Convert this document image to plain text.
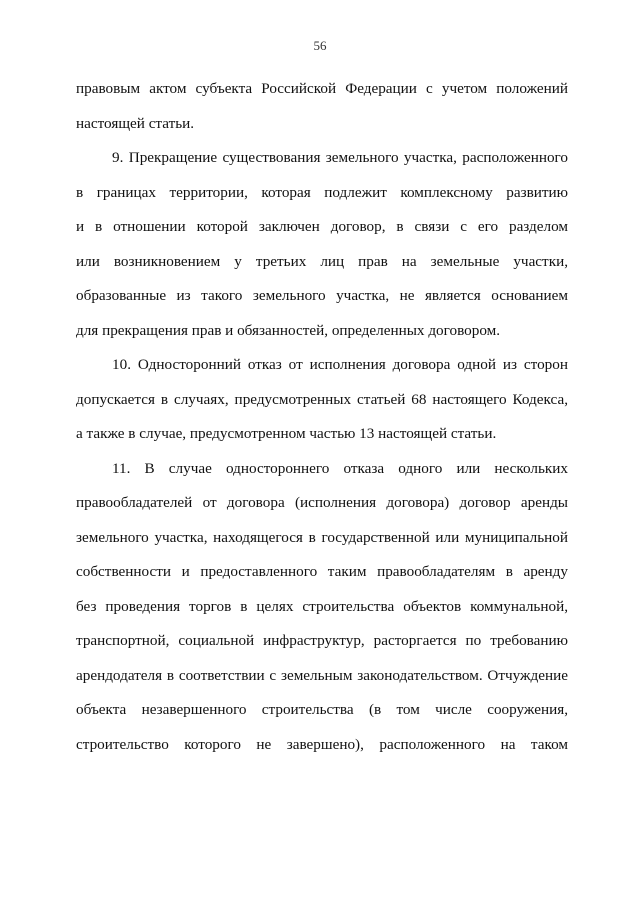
56
правовым актом субъекта Российской Федерации с учетом положений
настоящей статьи.
9. Прекращение существования земельного участка, расположенного
в границах территории, которая подлежит комплексному развитию
и в отношении которой заключен договор, в связи с его разделом
или возникновением у третьих лиц прав на земельные участки,
образованные из такого земельного участка, не является основанием
для прекращения прав и обязанностей, определенных договором.
10. Односторонний отказ от исполнения договора одной из сторон
допускается в случаях, предусмотренных статьей 68 настоящего Кодекса,
а также в случае, предусмотренном частью 13 настоящей статьи.
11. В случае одностороннего отказа одного или нескольких
правообладателей от договора (исполнения договора) договор аренды
земельного участка, находящегося в государственной или муниципальной
собственности и предоставленного таким правообладателям в аренду
без проведения торгов в целях строительства объектов коммунальной,
транспортной, социальной инфраструктур, расторгается по требованию
арендодателя в соответствии с земельным законодательством. Отчуждение
объекта незавершенного строительства (в том числе сооружения,
строительство которого не завершено), расположенного на таком
